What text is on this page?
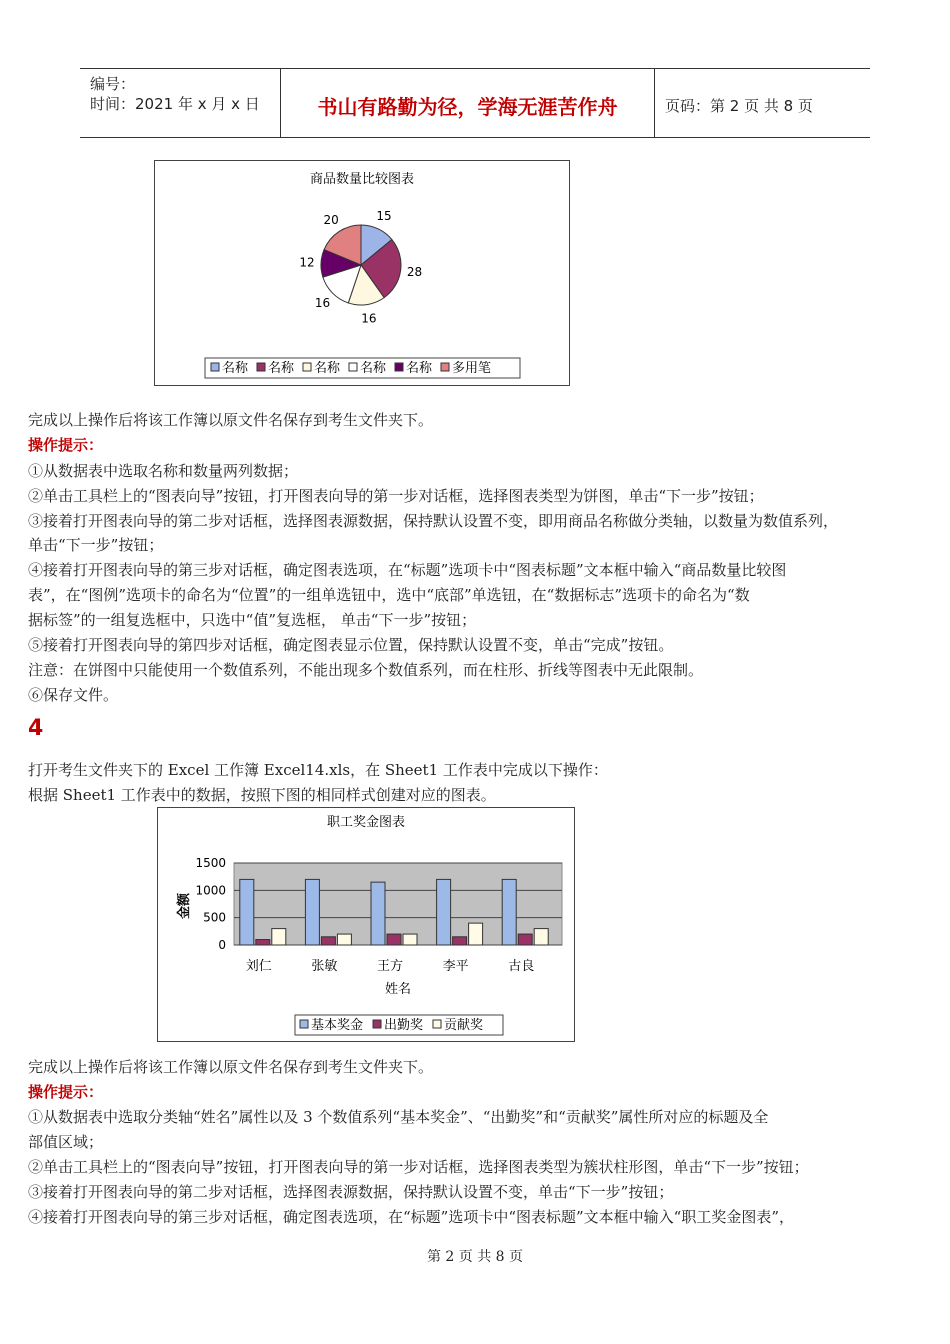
编号：
时间：2021 年 x 月 x 日	书山有路勤为径，学海无涯苦作舟	页码：第 2 页 共 8 页
商品数量比较图表
15
28
16
16
12
20
名称 名称 名称 名称 名称 多用笔
完成以上操作后将该工作簿以原文件名保存到考生文件夹下。
操作提示：
①从数据表中选取名称和数量两列数据；
②单击工具栏上的“图表向导”按钮，打开图表向导的第一步对话框，选择图表类型为饼图，单击“下一步”按钮；
③接着打开图表向导的第二步对话框，选择图表源数据，保持默认设置不变，即用商品名称做分类轴，以数量为数值系列，
单击“下一步”按钮；
④接着打开图表向导的第三步对话框，确定图表选项，在“标题”选项卡中“图表标题”文本框中输入“商品数量比较图
表”，在“图例”选项卡的命名为“位置”的一组单选钮中，选中“底部”单选钮，在“数据标志”选项卡的命名为“数
据标签”的一组复选框中，只选中“值”复选框， 单击“下一步”按钮；
⑤接着打开图表向导的第四步对话框，确定图表显示位置，保持默认设置不变，单击“完成”按钮。
注意：在饼图中只能使用一个数值系列，不能出现多个数值系列，而在柱形、折线等图表中无此限制。
⑥保存文件。
4
打开考生文件夹下的 Excel 工作簿 Excel14.xls，在 Sheet1 工作表中完成以下操作：
根据 Sheet1 工作表中的数据，按照下图的相同样式创建对应的图表。
职工奖金图表
0
500
1000
1500
刘仁	张敏	王方	李平	古良
金额
姓名
基本奖金 出勤奖 贡献奖
完成以上操作后将该工作簿以原文件名保存到考生文件夹下。
操作提示：
①从数据表中选取分类轴“姓名”属性以及 3 个数值系列“基本奖金”、“出勤奖”和“贡献奖”属性所对应的标题及全
部值区域；
②单击工具栏上的“图表向导”按钮，打开图表向导的第一步对话框，选择图表类型为簇状柱形图，单击“下一步”按钮；
③接着打开图表向导的第二步对话框，选择图表源数据，保持默认设置不变，单击“下一步”按钮；
④接着打开图表向导的第三步对话框，确定图表选项，在“标题”选项卡中“图表标题”文本框中输入“职工奖金图表”，
第 2 页 共 8 页
